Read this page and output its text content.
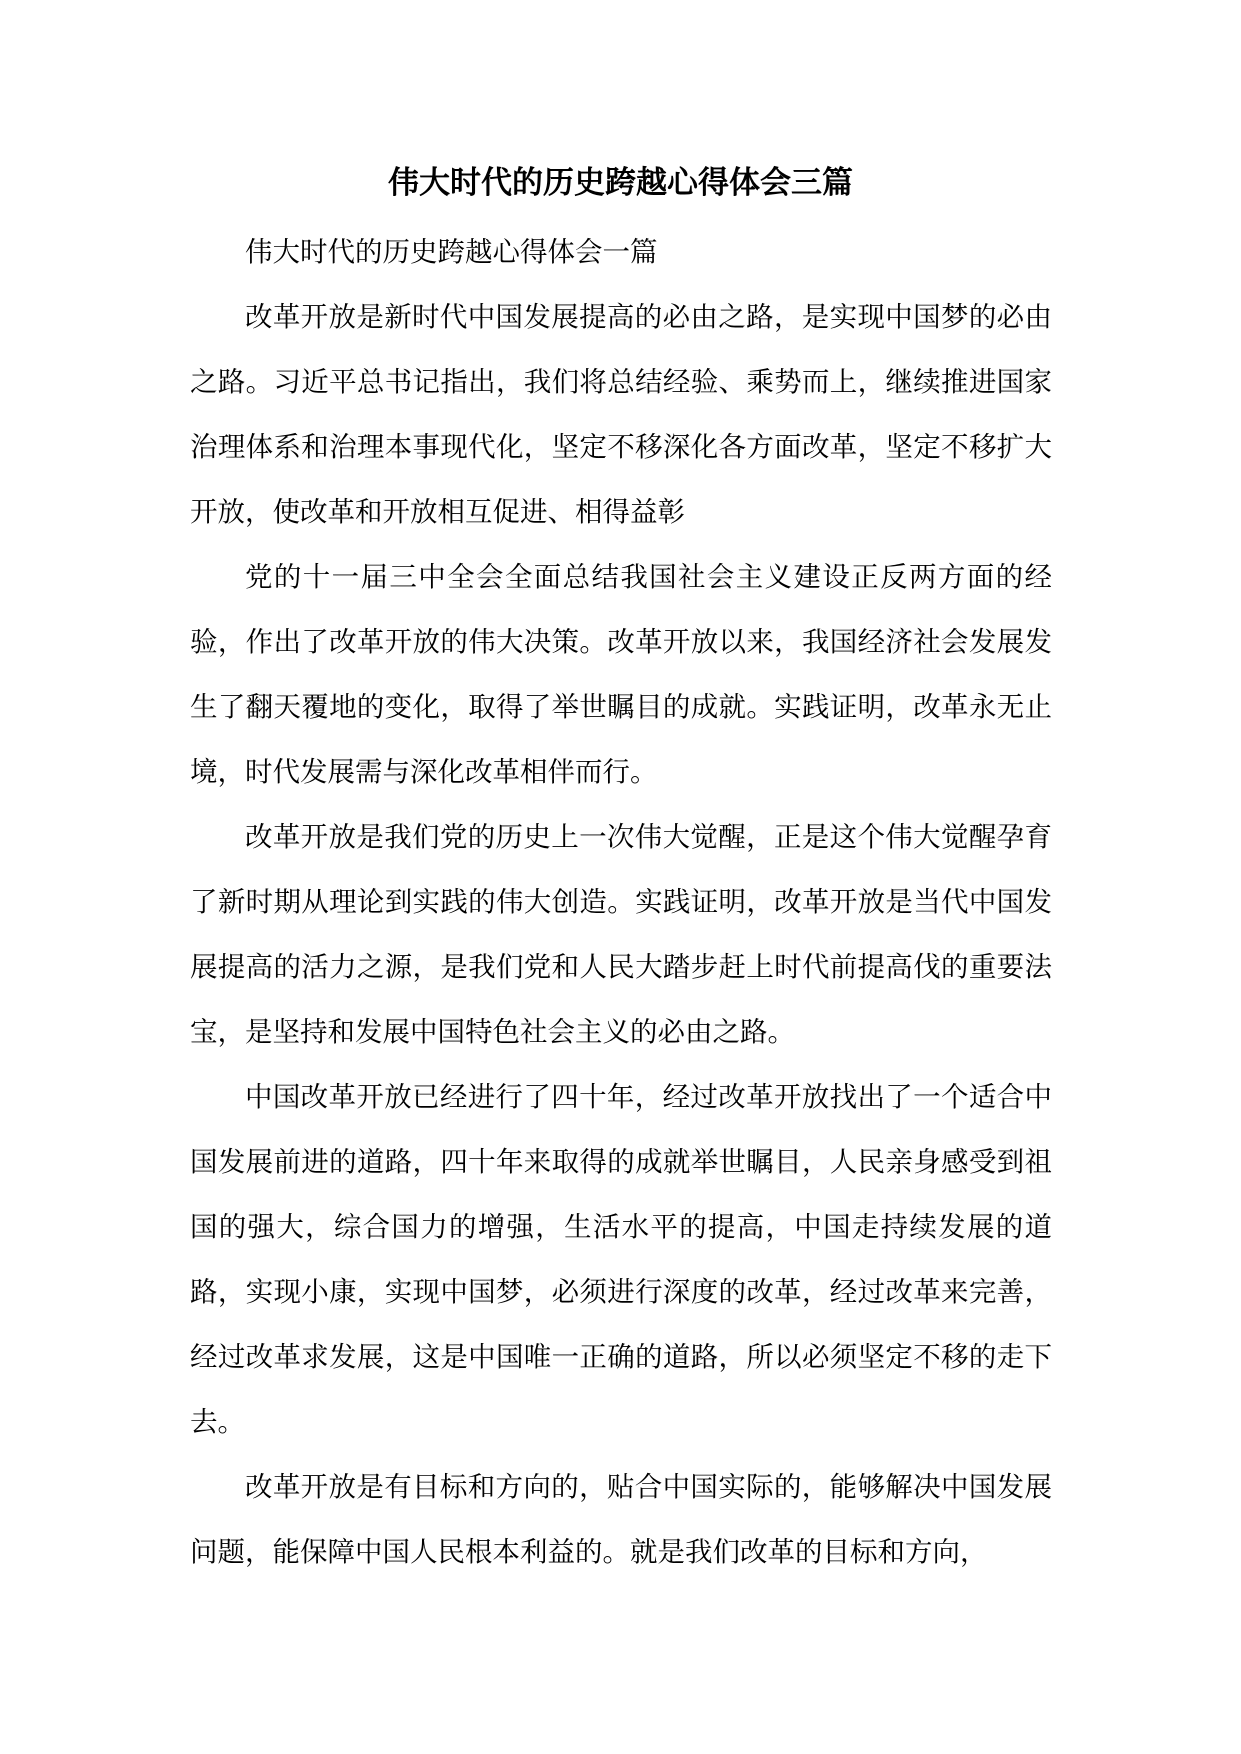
伟大时代的历史跨越心得体会三篇

伟大时代的历史跨越心得体会一篇

改革开放是新时代中国发展提高的必由之路，是实现中国梦的必由之路。习近平总书记指出，我们将总结经验、乘势而上，继续推进国家治理体系和治理本事现代化，坚定不移深化各方面改革，坚定不移扩大开放，使改革和开放相互促进、相得益彰

党的十一届三中全会全面总结我国社会主义建设正反两方面的经验，作出了改革开放的伟大决策。改革开放以来，我国经济社会发展发生了翻天覆地的变化，取得了举世瞩目的成就。实践证明，改革永无止境，时代发展需与深化改革相伴而行。

改革开放是我们党的历史上一次伟大觉醒，正是这个伟大觉醒孕育了新时期从理论到实践的伟大创造。实践证明，改革开放是当代中国发展提高的活力之源，是我们党和人民大踏步赶上时代前提高伐的重要法宝，是坚持和发展中国特色社会主义的必由之路。

中国改革开放已经进行了四十年，经过改革开放找出了一个适合中国发展前进的道路，四十年来取得的成就举世瞩目，人民亲身感受到祖国的强大，综合国力的增强，生活水平的提高，中国走持续发展的道路，实现小康，实现中国梦，必须进行深度的改革，经过改革来完善，经过改革求发展，这是中国唯一正确的道路，所以必须坚定不移的走下去。

改革开放是有目标和方向的，贴合中国实际的，能够解决中国发展问题，能保障中国人民根本利益的。就是我们改革的目标和方向，
